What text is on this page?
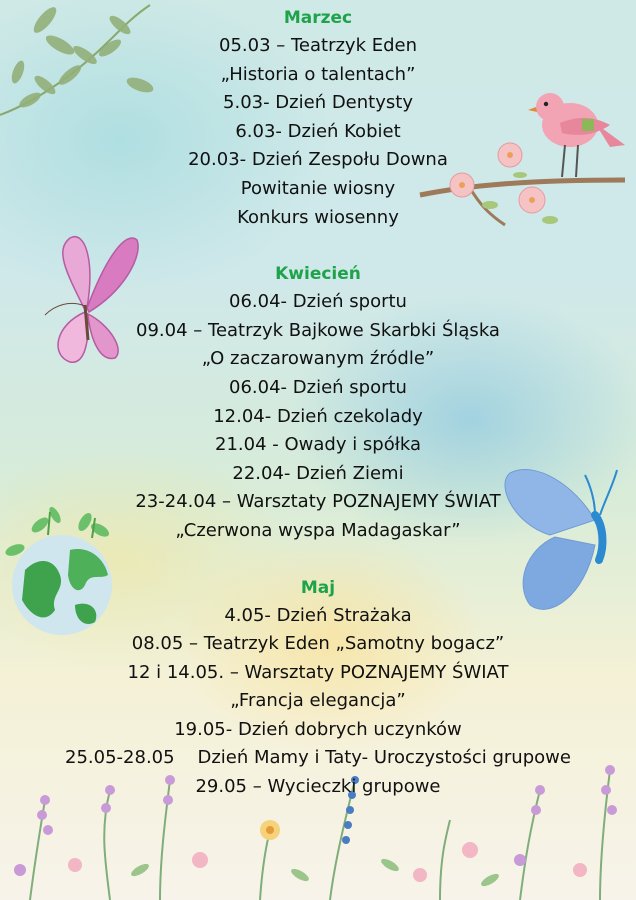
Marzec
05.03 – Teatrzyk Eden
„Historia o talentach”
5.03- Dzień Dentysty
6.03- Dzień Kobiet
20.03- Dzień Zespołu Downa
Powitanie wiosny
Konkurs wiosenny
Kwiecień
06.04- Dzień sportu
09.04 – Teatrzyk Bajkowe Skarbki Śląska
„O zaczarowanym źródle”
06.04- Dzień sportu
12.04- Dzień czekolady
21.04 - Owady i spółka
22.04- Dzień Ziemi
23-24.04 – Warsztaty POZNAJEMY ŚWIAT
„Czerwona wyspa Madagaskar”
Maj
4.05- Dzień Strażaka
08.05 – Teatrzyk Eden „Samotny bogacz”
12 i 14.05. – Warsztaty POZNAJEMY ŚWIAT
„Francja elegancja”
19.05- Dzień dobrych uczynków
25.05-28.05    Dzień Mamy i Taty- Uroczystości grupowe
29.05 – Wycieczki grupowe
